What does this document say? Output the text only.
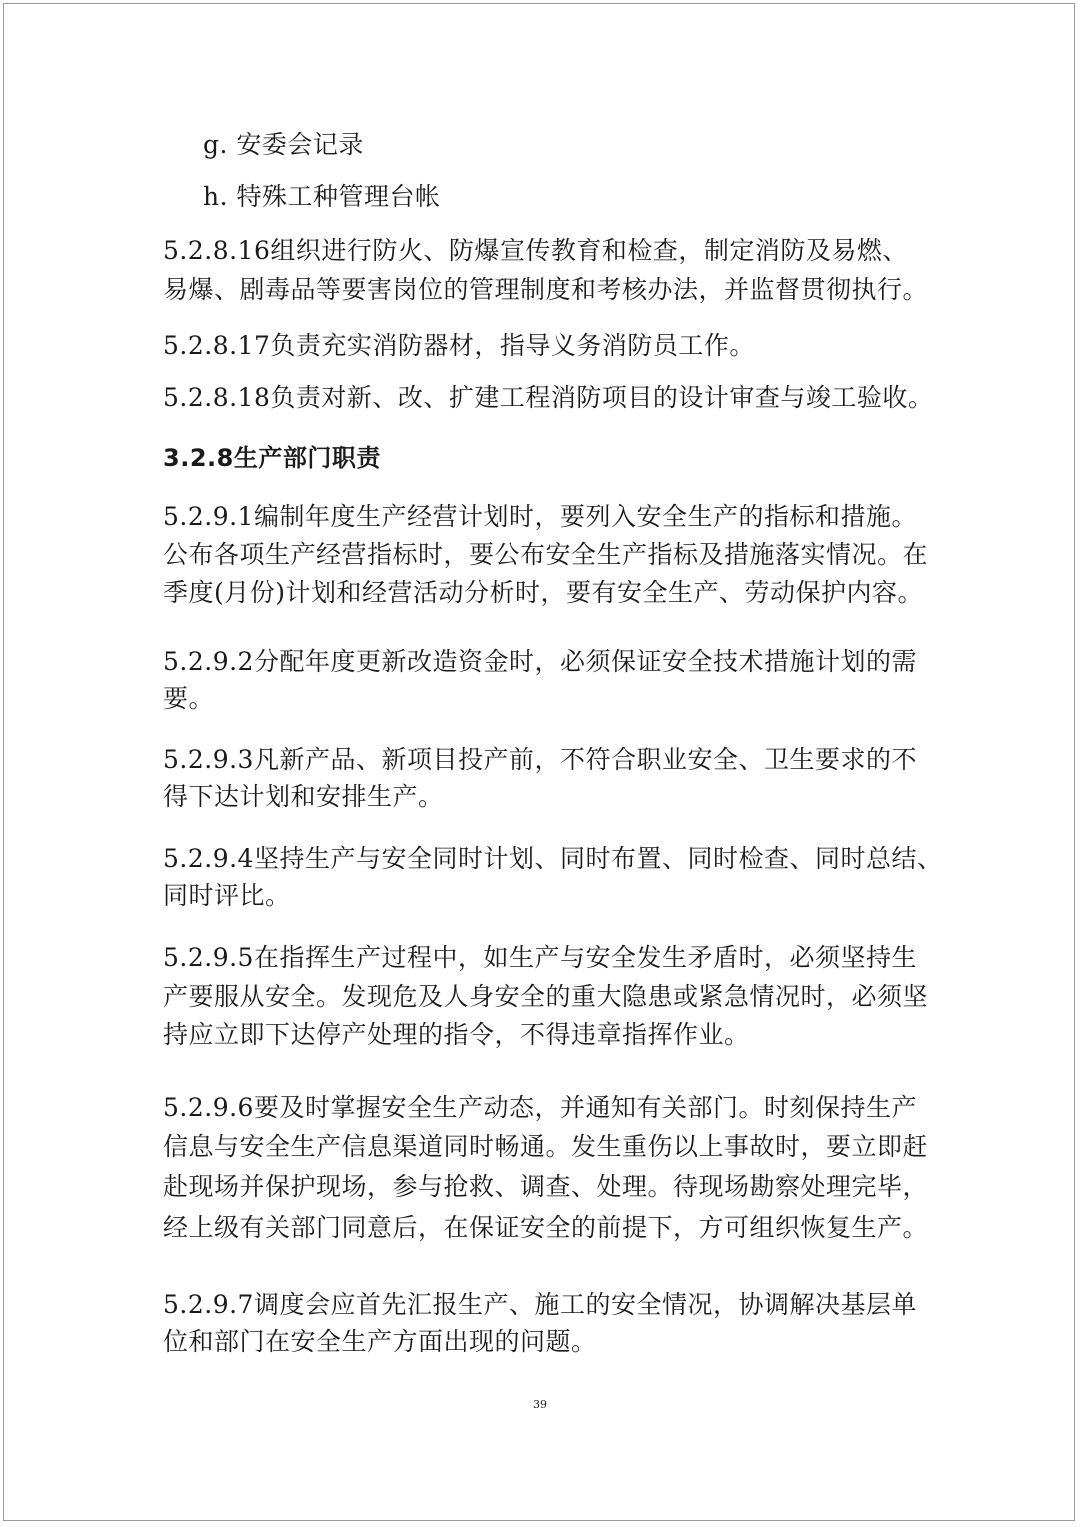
g. 安委会记录

h. 特殊工种管理台帐

5.2.8.16组织进行防火、防爆宣传教育和检查，制定消防及易燃、

易爆、剧毒品等要害岗位的管理制度和考核办法，并监督贯彻执行。

5.2.8.17负责充实消防器材，指导义务消防员工作。

5.2.8.18负责对新、改、扩建工程消防项目的设计审查与竣工验收。

3.2.8生产部门职责

5.2.9.1编制年度生产经营计划时，要列入安全生产的指标和措施。

公布各项生产经营指标时，要公布安全生产指标及措施落实情况。在

季度(月份)计划和经营活动分析时，要有安全生产、劳动保护内容。

5.2.9.2分配年度更新改造资金时，必须保证安全技术措施计划的需

要。

5.2.9.3凡新产品、新项目投产前，不符合职业安全、卫生要求的不

得下达计划和安排生产。

5.2.9.4坚持生产与安全同时计划、同时布置、同时检查、同时总结、

同时评比。

5.2.9.5在指挥生产过程中，如生产与安全发生矛盾时，必须坚持生

产要服从安全。发现危及人身安全的重大隐患或紧急情况时，必须坚

持应立即下达停产处理的指令，不得违章指挥作业。

5.2.9.6要及时掌握安全生产动态，并通知有关部门。时刻保持生产

信息与安全生产信息渠道同时畅通。发生重伤以上事故时，要立即赶

赴现场并保护现场，参与抢救、调查、处理。待现场勘察处理完毕，

经上级有关部门同意后，在保证安全的前提下，方可组织恢复生产。

5.2.9.7调度会应首先汇报生产、施工的安全情况，协调解决基层单

位和部门在安全生产方面出现的问题。

39
